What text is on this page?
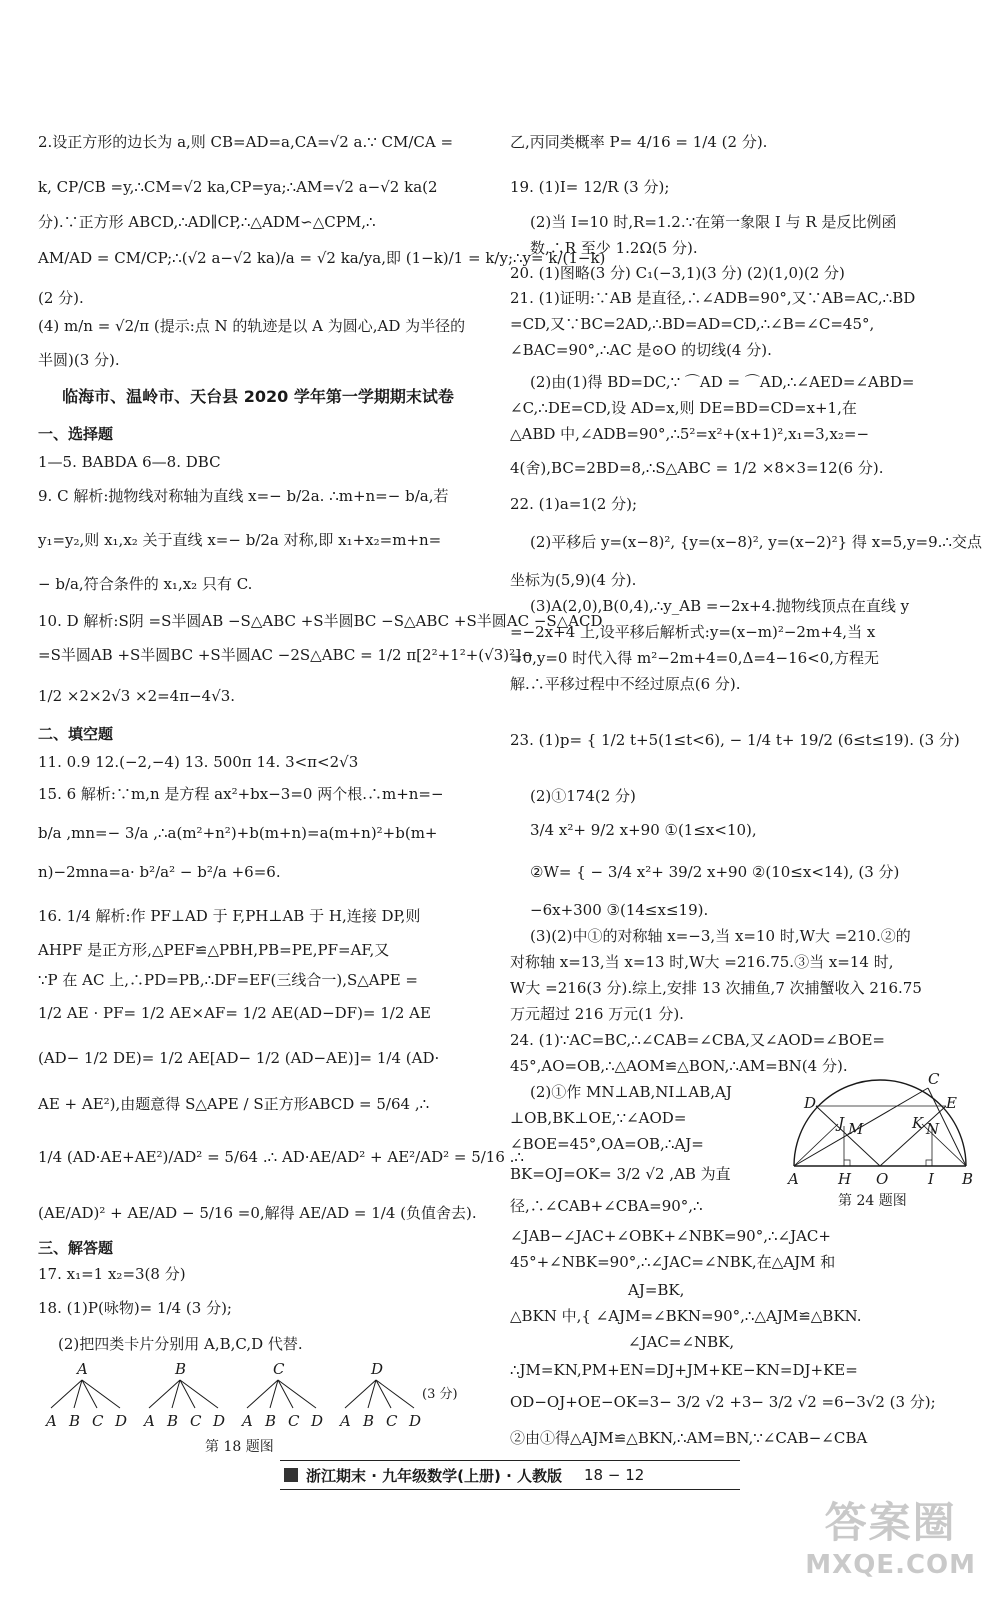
2.设正方形的边长为 a,则 CB=AD=a,CA=√2 a.∵ CM/CA =
k, CP/CB =y,∴CM=√2 ka,CP=ya;∴AM=√2 a−√2 ka(2
分).∵正方形 ABCD,∴AD∥CP,∴△ADM∽△CPM,∴
AM/AD = CM/CP;∴(√2 a−√2 ka)/a = √2 ka/ya,即 (1−k)/1 = k/y;∴y= k/(1−k)
(2 分).
(4) m/n = √2/π (提示:点 N 的轨迹是以 A 为圆心,AD 为半径的
半圆)(3 分).
临海市、温岭市、天台县 2020 学年第一学期期末试卷
一、选择题
1—5. BABDA 6—8. DBC
9. C 解析:抛物线对称轴为直线 x=− b/2a. ∴m+n=− b/a,若
y₁=y₂,则 x₁,x₂ 关于直线 x=− b/2a 对称,即 x₁+x₂=m+n=
− b/a,符合条件的 x₁,x₂ 只有 C.
10. D 解析:S阴 =S半圆AB −S△ABC +S半圆BC −S△ABC +S半圆AC −S△ACD
=S半圆AB +S半圆BC +S半圆AC −2S△ABC = 1/2 π[2²+1²+(√3)²]−
1/2 ×2×2√3 ×2=4π−4√3.
二、填空题
11. 0.9 12.(−2,−4) 13. 500π 14. 3<π<2√3
15. 6 解析:∵m,n 是方程 ax²+bx−3=0 两个根.∴m+n=−
b/a ,mn=− 3/a ,∴a(m²+n²)+b(m+n)=a(m+n)²+b(m+
n)−2mna=a· b²/a² − b²/a +6=6.
16. 1/4 解析:作 PF⊥AD 于 F,PH⊥AB 于 H,连接 DP,则
AHPF 是正方形,△PEF≌△PBH,PB=PE,PF=AF,又
∵P 在 AC 上,∴PD=PB,∴DF=EF(三线合一),S△APE =
1/2 AE · PF= 1/2 AE×AF= 1/2 AE(AD−DF)= 1/2 AE
(AD− 1/2 DE)= 1/2 AE[AD− 1/2 (AD−AE)]= 1/4 (AD·
AE + AE²),由题意得 S△APE / S正方形ABCD = 5/64 ,∴
1/4 (AD·AE+AE²)/AD² = 5/64 .∴ AD·AE/AD² + AE²/AD² = 5/16 .∴
(AE/AD)² + AE/AD − 5/16 =0,解得 AE/AD = 1/4 (负值舍去).
三、解答题
17. x₁=1 x₂=3(8 分)
18. (1)P(咏物)= 1/4 (3 分);
(2)把四类卡片分别用 A,B,C,D 代替.
乙,丙同类概率 P= 4/16 = 1/4 (2 分).
19. (1)I= 12/R (3 分);
(2)当 I=10 时,R=1.2.∵在第一象限 I 与 R 是反比例函
数,∴R 至少 1.2Ω(5 分).
20. (1)图略(3 分) C₁(−3,1)(3 分) (2)(1,0)(2 分)
21. (1)证明:∵AB 是直径,∴∠ADB=90°,又∵AB=AC,∴BD
=CD,又∵BC=2AD,∴BD=AD=CD,∴∠B=∠C=45°,
∠BAC=90°,∴AC 是⊙O 的切线(4 分).
(2)由(1)得 BD=DC,∵ ⌒AD = ⌒AD,∴∠AED=∠ABD=
∠C,∴DE=CD,设 AD=x,则 DE=BD=CD=x+1,在
△ABD 中,∠ADB=90°,∴5²=x²+(x+1)²,x₁=3,x₂=−
4(舍),BC=2BD=8,∴S△ABC = 1/2 ×8×3=12(6 分).
22. (1)a=1(2 分);
(2)平移后 y=(x−8)², {y=(x−8)², y=(x−2)²} 得 x=5,y=9.∴交点
坐标为(5,9)(4 分).
(3)A(2,0),B(0,4),∴y_AB =−2x+4.抛物线顶点在直线 y
=−2x+4 上,设平移后解析式:y=(x−m)²−2m+4,当 x
=0,y=0 时代入得 m²−2m+4=0,Δ=4−16<0,方程无
解.∴平移过程中不经过原点(6 分).
23. (1)p= { 1/2 t+5(1≤t<6), − 1/4 t+ 19/2 (6≤t≤19). (3 分)
(2)①174(2 分)
3/4 x²+ 9/2 x+90 ①(1≤x<10),
②W= { − 3/4 x²+ 39/2 x+90 ②(10≤x<14), (3 分)
−6x+300 ③(14≤x≤19).
(3)(2)中①的对称轴 x=−3,当 x=10 时,W大 =210.②的
对称轴 x=13,当 x=13 时,W大 =216.75.③当 x=14 时,
W大 =216(3 分).综上,安排 13 次捕鱼,7 次捕蟹收入 216.75
万元超过 216 万元(1 分).
24. (1)∵AC=BC,∴∠CAB=∠CBA,又∠AOD=∠BOE=
45°,AO=OB,∴△AOM≌△BON,∴AM=BN(4 分).
(2)①作 MN⊥AB,NI⊥AB,AJ
⊥OB,BK⊥OE,∵∠AOD=
∠BOE=45°,OA=OB,∴AJ=
BK=OJ=OK= 3/2 √2 ,AB 为直
径,∴∠CAB+∠CBA=90°,∴
∠JAB−∠JAC+∠OBK+∠NBK=90°,∴∠JAC+
45°+∠NBK=90°,∴∠JAC=∠NBK,在△AJM 和
AJ=BK,
△BKN 中,{ ∠AJM=∠BKN=90°,∴△AJM≌△BKN.
∠JAC=∠NBK,
∴JM=KN,PM+EN=DJ+JM+KE−KN=DJ+KE=
OD−OJ+OE−OK=3− 3/2 √2 +3− 3/2 √2 =6−3√2 (3 分);
②由①得△AJM≌△BKN,∴AM=BN,∵∠CAB−∠CBA
A
A B C D
B
A B C D
C
A B C D
D
A B C D
(3 分)
第 18 题图
D
C
E
J M	K N
A	H O	I B
第 24 题图
浙江期末 · 九年级数学(上册) · 人教版 18 − 12
答案圈
MXQE.COM
